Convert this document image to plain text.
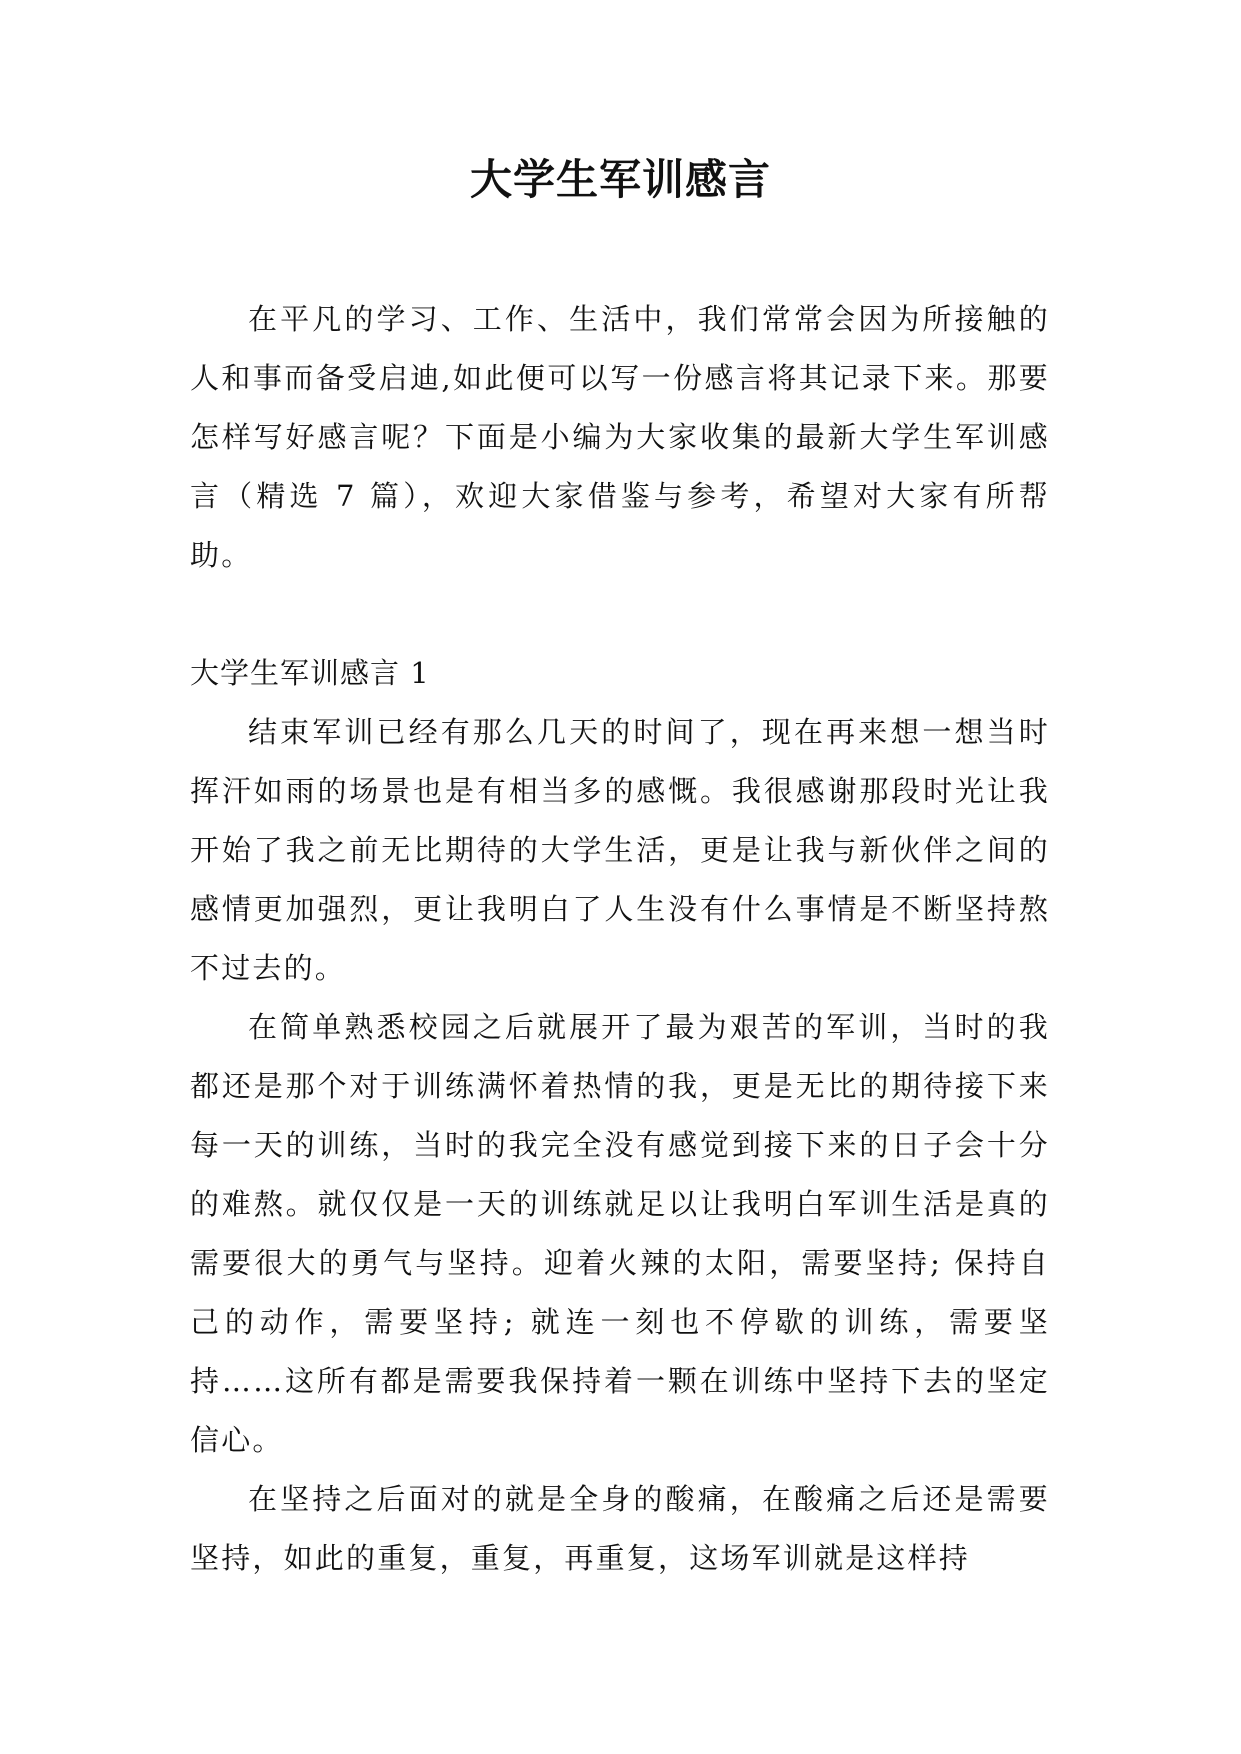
大学生军训感言

在平凡的学习、工作、生活中，我们常常会因为所接触的人和事而备受启迪,如此便可以写一份感言将其记录下来。那要怎样写好感言呢？下面是小编为大家收集的最新大学生军训感言（精选 7 篇），欢迎大家借鉴与参考，希望对大家有所帮助。

大学生军训感言 1

结束军训已经有那么几天的时间了，现在再来想一想当时挥汗如雨的场景也是有相当多的感慨。我很感谢那段时光让我开始了我之前无比期待的大学生活，更是让我与新伙伴之间的感情更加强烈，更让我明白了人生没有什么事情是不断坚持熬不过去的。

在简单熟悉校园之后就展开了最为艰苦的军训，当时的我都还是那个对于训练满怀着热情的我，更是无比的期待接下来每一天的训练，当时的我完全没有感觉到接下来的日子会十分的难熬。就仅仅是一天的训练就足以让我明白军训生活是真的需要很大的勇气与坚持。迎着火辣的太阳，需要坚持; 保持自己的动作，需要坚持; 就连一刻也不停歇的训练，需要坚持……这所有都是需要我保持着一颗在训练中坚持下去的坚定信心。

在坚持之后面对的就是全身的酸痛，在酸痛之后还是需要坚持，如此的重复，重复，再重复，这场军训就是这样持
